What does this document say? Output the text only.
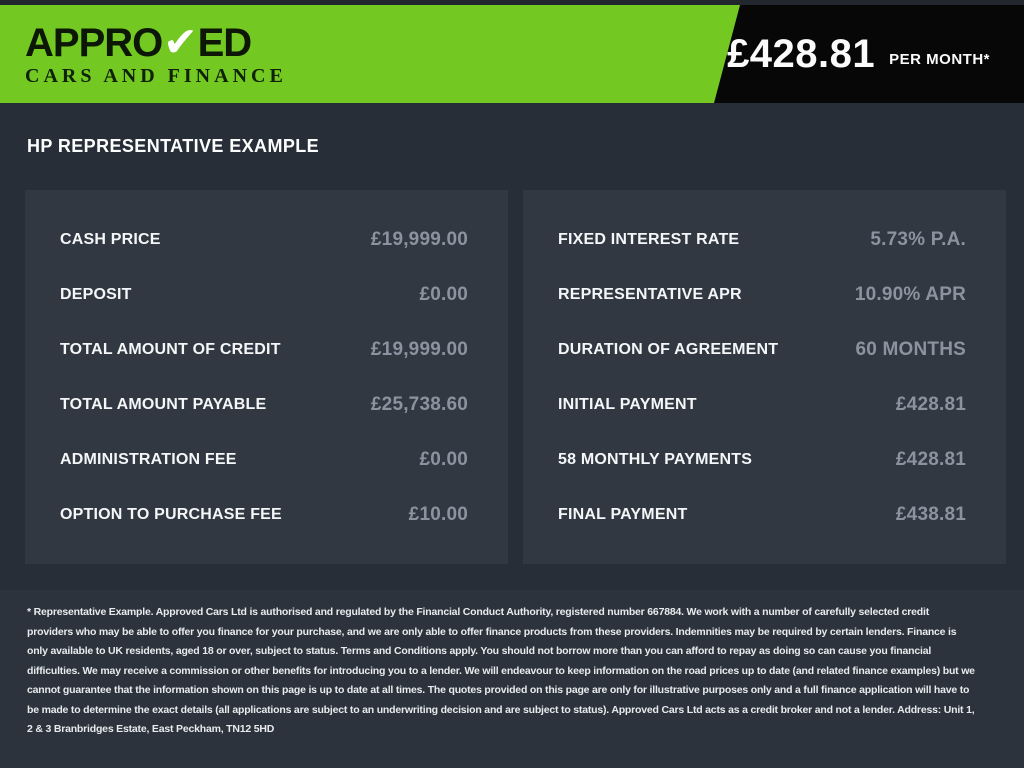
APPRO✔ED
CARS AND FINANCE
£428.81 PER MONTH*
HP REPRESENTATIVE EXAMPLE
CASH PRICE	£19,999.00
DEPOSIT	£0.00
TOTAL AMOUNT OF CREDIT	£19,999.00
TOTAL AMOUNT PAYABLE	£25,738.60
ADMINISTRATION FEE	£0.00
OPTION TO PURCHASE FEE	£10.00
FIXED INTEREST RATE	5.73% P.A.
REPRESENTATIVE APR	10.90% APR
DURATION OF AGREEMENT	60 MONTHS
INITIAL PAYMENT	£428.81
58 MONTHLY PAYMENTS	£428.81
FINAL PAYMENT	£438.81

* Representative Example. Approved Cars Ltd is authorised and regulated by the Financial Conduct Authority, registered number 667884. We work with a number of carefully selected credit providers who may be able to offer you finance for your purchase, and we are only able to offer finance products from these providers. Indemnities may be required by certain lenders. Finance is only available to UK residents, aged 18 or over, subject to status. Terms and Conditions apply. You should not borrow more than you can afford to repay as doing so can cause you financial difficulties. We may receive a commission or other benefits for introducing you to a lender. We will endeavour to keep information on the road prices up to date (and related finance examples) but we cannot guarantee that the information shown on this page is up to date at all times. The quotes provided on this page are only for illustrative purposes only and a full finance application will have to be made to determine the exact details (all applications are subject to an underwriting decision and are subject to status). Approved Cars Ltd acts as a credit broker and not a lender. Address: Unit 1, 2 & 3 Branbridges Estate, East Peckham, TN12 5HD
